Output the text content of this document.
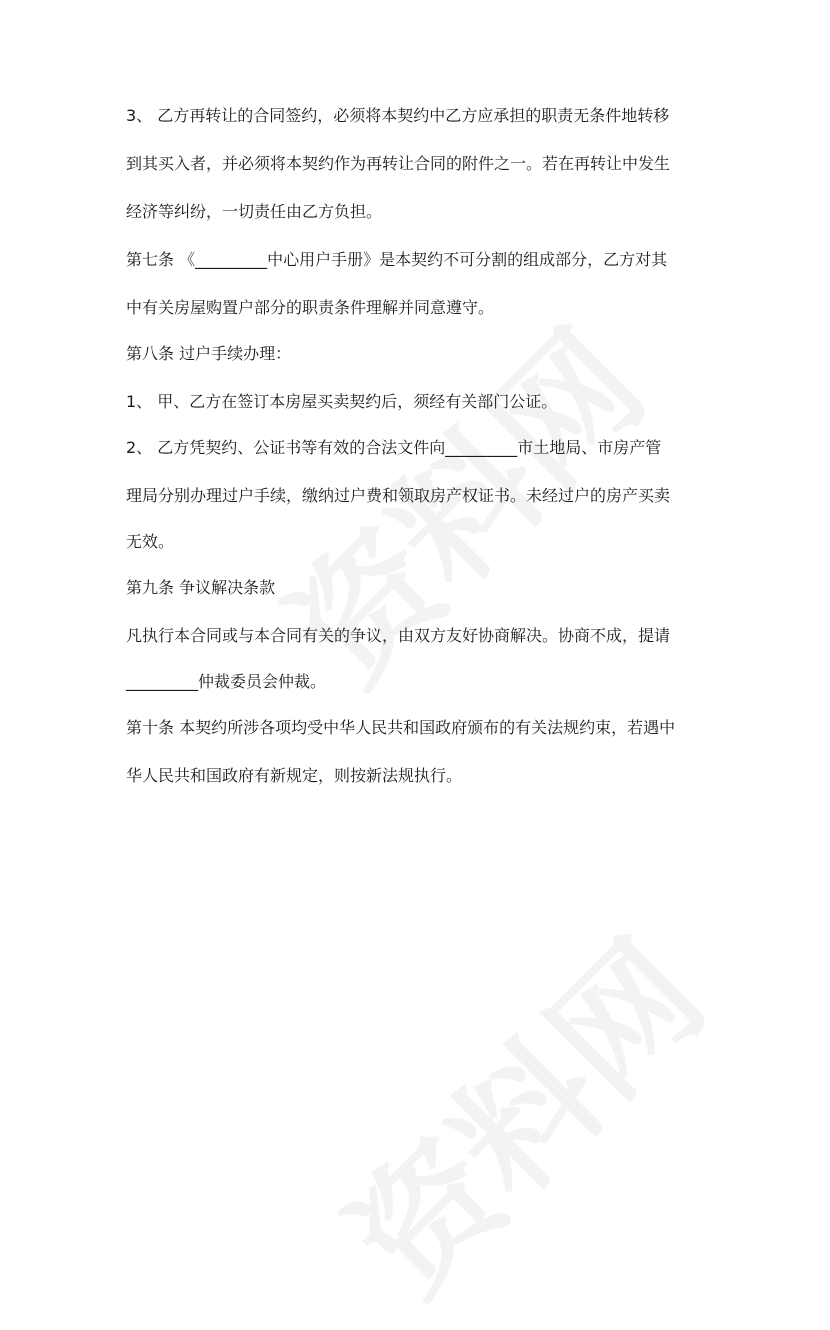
3、 乙方再转让的合同签约，必须将本契约中乙方应承担的职责无条件地转移
到其买入者，并必须将本契约作为再转让合同的附件之一。若在再转让中发生
经济等纠纷，一切责任由乙方负担。
第七条 《_________中心用户手册》是本契约不可分割的组成部分，乙方对其
中有关房屋购置户部分的职责条件理解并同意遵守。
第八条 过户手续办理：
1、 甲、乙方在签订本房屋买卖契约后，须经有关部门公证。
2、 乙方凭契约、公证书等有效的合法文件向_________市土地局、市房产管
理局分别办理过户手续，缴纳过户费和领取房产权证书。未经过户的房产买卖
无效。
第九条 争议解决条款
凡执行本合同或与本合同有关的争议，由双方友好协商解决。协商不成，提请
_________仲裁委员会仲裁。
第十条 本契约所涉各项均受中华人民共和国政府颁布的有关法规约束，若遇中
华人民共和国政府有新规定，则按新法规执行。
